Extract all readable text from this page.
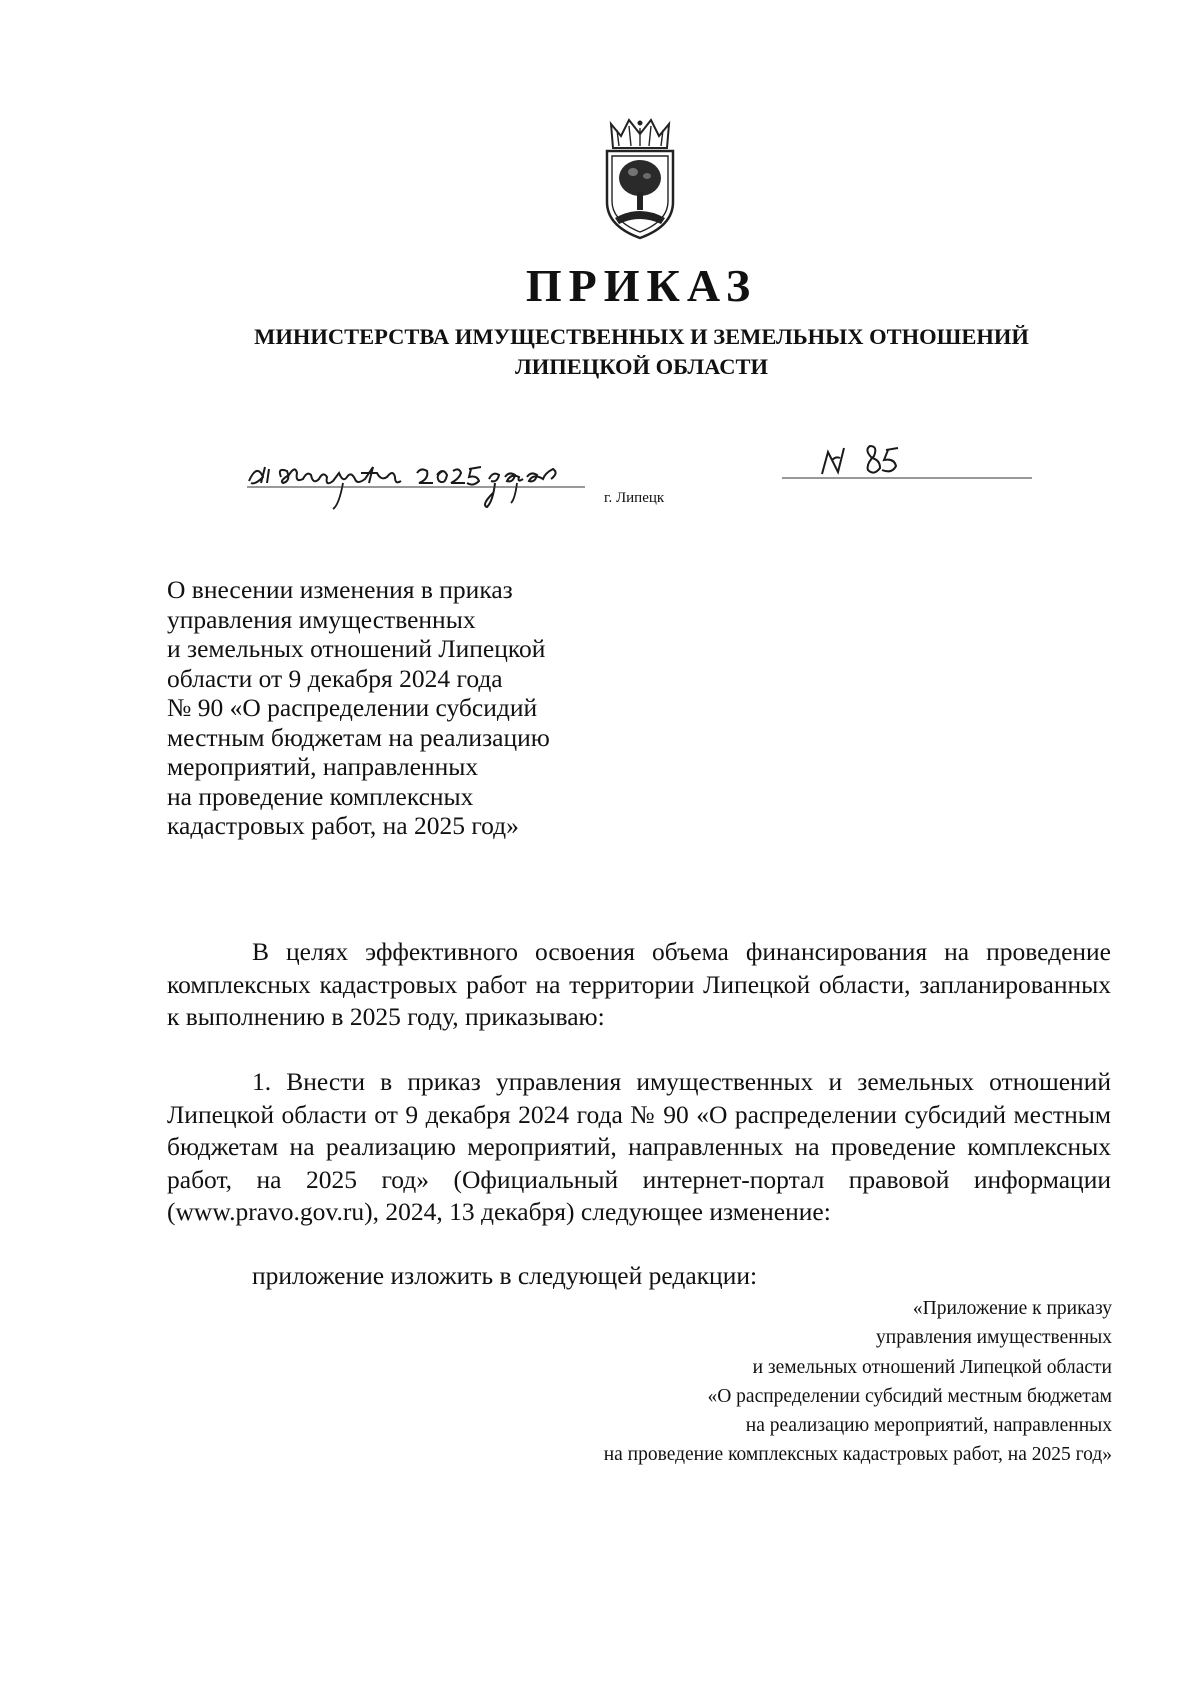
ПРИКАЗ
МИНИСТЕРСТВА ИМУЩЕСТВЕННЫХ И ЗЕМЕЛЬНЫХ ОТНОШЕНИЙ
ЛИПЕЦКОЙ ОБЛАСТИ
г. Липецк
О внесении изменения в приказ
управления имущественных
и земельных отношений Липецкой
области от 9 декабря 2024 года
№ 90 «О распределении субсидий
местным бюджетам на реализацию
мероприятий, направленных
на проведение комплексных
кадастровых работ, на 2025 год»
В целях эффективного освоения объема финансирования на проведение комплексных кадастровых работ на территории Липецкой области, запланированных к выполнению в 2025 году, приказываю:
1. Внести в приказ управления имущественных и земельных отношений Липецкой области от 9 декабря 2024 года № 90 «О распределении субсидий местным бюджетам на реализацию мероприятий, направленных на проведение комплексных работ, на 2025 год» (Официальный интернет-портал правовой информации (www.pravo.gov.ru), 2024, 13 декабря) следующее изменение:
приложение изложить в следующей редакции:
«Приложение к приказу
управления имущественных
и земельных отношений Липецкой области
«О распределении субсидий местным бюджетам
на реализацию мероприятий, направленных
на проведение комплексных кадастровых работ, на 2025 год»
